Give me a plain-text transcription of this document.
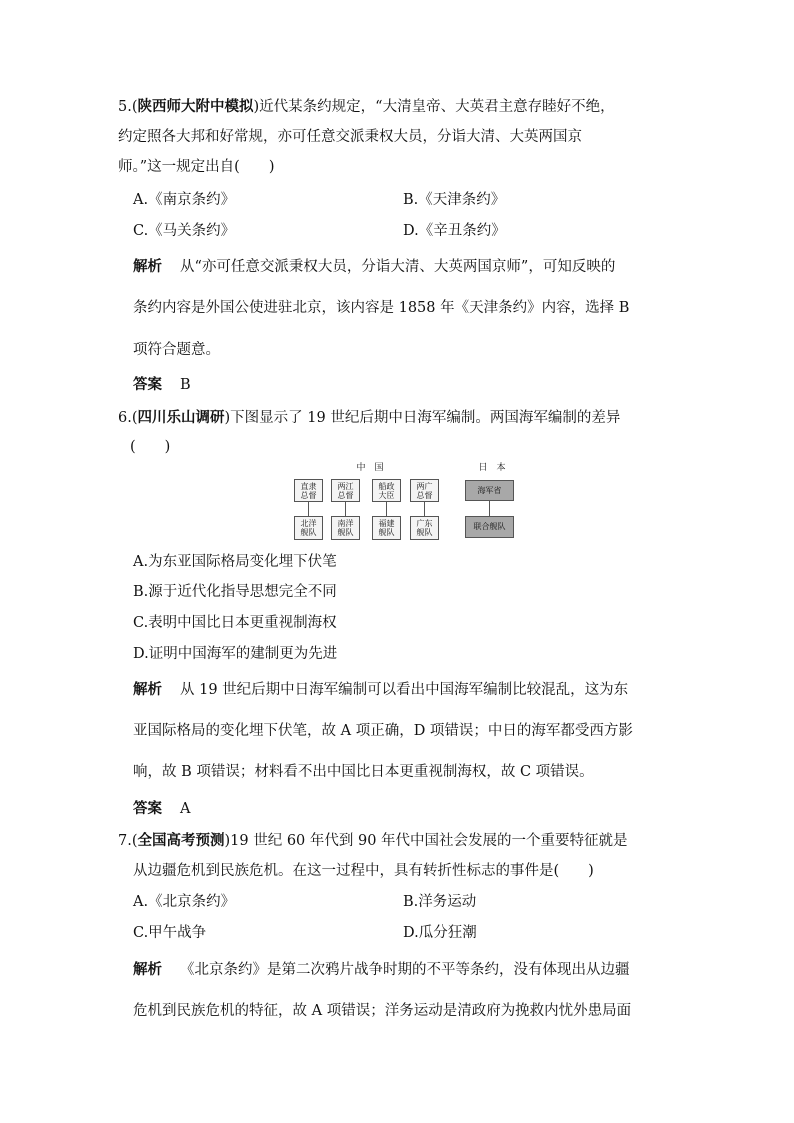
5.(陕西师大附中模拟)近代某条约规定，“大清皇帝、大英君主意存睦好不绝，
约定照各大邦和好常规，亦可任意交派秉权大员，分诣大清、大英两国京
师。”这一规定出自(　　)
A.《南京条约》	B.《天津条约》
C.《马关条约》	D.《辛丑条约》
解析 从“亦可任意交派秉权大员，分诣大清、大英两国京师”，可知反映的
条约内容是外国公使进驻北京，该内容是 1858 年《天津条约》内容，选择 B
项符合题意。
答案 B
6.(四川乐山调研)下图显示了 19 世纪后期中日海军编制。两国海军编制的差异
(　　)
中　国	日　本
直隶
总督
两江
总督
船政
大臣
两广
总督
北洋
舰队
南洋
舰队
福建
舰队
广东
舰队
海军省
联合舰队
A.为东亚国际格局变化埋下伏笔
B.源于近代化指导思想完全不同
C.表明中国比日本更重视制海权
D.证明中国海军的建制更为先进
解析 从 19 世纪后期中日海军编制可以看出中国海军编制比较混乱，这为东
亚国际格局的变化埋下伏笔，故 A 项正确，D 项错误；中日的海军都受西方影
响，故 B 项错误；材料看不出中国比日本更重视制海权，故 C 项错误。
答案 A
7.(全国高考预测)19 世纪 60 年代到 90 年代中国社会发展的一个重要特征就是
从边疆危机到民族危机。在这一过程中，具有转折性标志的事件是(　　)
A.《北京条约》	B.洋务运动
C.甲午战争	D.瓜分狂潮
解析 《北京条约》是第二次鸦片战争时期的不平等条约，没有体现出从边疆
危机到民族危机的特征，故 A 项错误；洋务运动是清政府为挽救内忧外患局面
